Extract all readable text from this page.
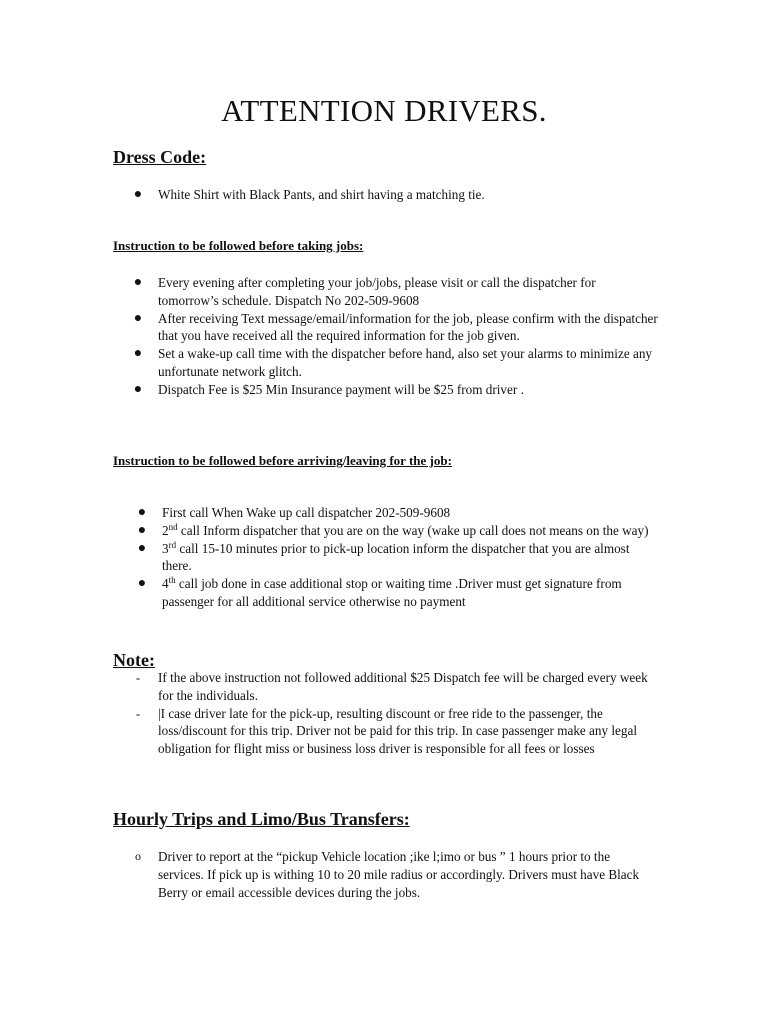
ATTENTION DRIVERS.
Dress Code:
● White Shirt with Black Pants, and shirt having a matching tie.
Instruction to be followed before taking jobs:
● Every evening after completing your job/jobs, please visit or call the dispatcher for tomorrow’s schedule. Dispatch No 202-509-9608
● After receiving Text message/email/information for the job, please confirm with the dispatcher that you have received all the required information for the job given.
● Set a wake-up call time with the dispatcher before hand, also set your alarms to minimize any unfortunate network glitch.
● Dispatch Fee is $25 Min Insurance payment will be $25 from driver .
Instruction to be followed before arriving/leaving for the job:
● First call When Wake up call dispatcher 202-509-9608
● 2nd call Inform dispatcher that you are on the way (wake up call does not means on the way)
● 3rd call 15-10 minutes prior to pick-up location inform the dispatcher that you are almost there.
● 4th call job done in case additional stop or waiting time .Driver must get signature from passenger for all additional service otherwise no payment
Note:
-	If the above instruction not followed additional $25 Dispatch fee will be charged every week for the individuals.
-	|I case driver late for the pick-up, resulting discount or free ride to the passenger, the loss/discount for this trip. Driver not be paid for this trip. In case passenger make any legal obligation for flight miss or business loss driver is responsible for all fees or losses
Hourly Trips and Limo/Bus Transfers:
o	Driver to report at the “pickup Vehicle location ;ike l;imo or bus ” 1 hours prior to the services. If pick up is withing 10 to 20 mile radius or accordingly. Drivers must have Black Berry or email accessible devices during the jobs.
